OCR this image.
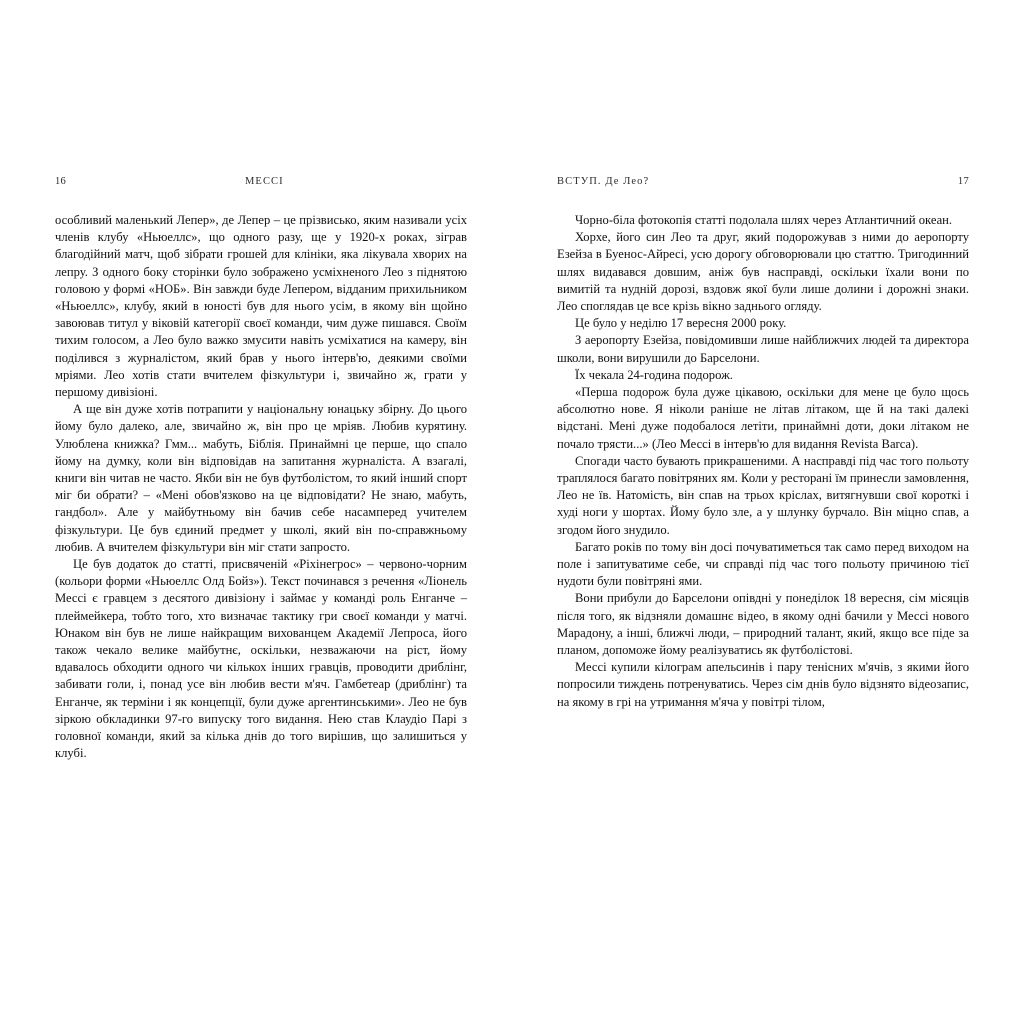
16	МЕССІ

особливий маленький Лепер», де Лепер – це прізвисько, яким називали усіх членів клубу «Ньюеллс», що одного разу, ще у 1920-х роках, зіграв благодійний матч, щоб зібрати грошей для клініки, яка лікувала хворих на лепру. З одного боку сторінки було зображено усміхненого Лео з піднятою головою у формі «НОБ». Він завжди буде Лепером, відданим прихильником «Ньюеллс», клубу, який в юності був для нього усім, в якому він щойно завоював титул у віковій категорії своєї команди, чим дуже пишався. Своїм тихим голосом, а Лео було важко змусити навіть усміхатися на камеру, він поділився з журналістом, який брав у нього інтерв'ю, деякими своїми мріями. Лео хотів стати вчителем фізкультури і, звичайно ж, грати у першому дивізіоні.

А ще він дуже хотів потрапити у національну юнацьку збірну. До цього йому було далеко, але, звичайно ж, він про це мріяв. Любив курятину. Улюблена книжка? Гмм... мабуть, Біблія. Принаймні це перше, що спало йому на думку, коли він відповідав на запитання журналіста. А взагалі, книги він читав не часто. Якби він не був футболістом, то який інший спорт міг би обрати? – «Мені обов'язково на це відповідати? Не знаю, мабуть, гандбол». Але у майбутньому він бачив себе насамперед учителем фізкультури. Це був єдиний предмет у школі, який він по-справжньому любив. А вчителем фізкультури він міг стати запросто.

Це був додаток до статті, присвяченій «Ріхінегрос» – червоно-чорним (кольори форми «Ньюеллс Олд Бойз»). Текст починався з речення «Ліонель Мессі є гравцем з десятого дивізіону і займає у команді роль Енганче – плеймейкера, тобто того, хто визначає тактику гри своєї команди у матчі. Юнаком він був не лише найкращим вихованцем Академії Лепроса, його також чекало велике майбутнє, оскільки, незважаючи на ріст, йому вдавалось обходити одного чи кількох інших гравців, проводити дриблінг, забивати голи, і, понад усе він любив вести м'яч. Гамбетеар (дриблінг) та Енганче, як терміни і як концепції, були дуже аргентинськими». Лео не був зіркою обкладинки 97-го випуску того видання. Нею став Клаудіо Парі з головної команди, який за кілька днів до того вирішив, що залишиться у клубі.

ВСТУП. Де Лео?	17

Чорно-біла фотокопія статті подолала шлях через Атлантичний океан.

Хорхе, його син Лео та друг, який подорожував з ними до аеропорту Езейза в Буенос-Айресі, усю дорогу обговорювали цю статтю. Тригодинний шлях видавався довшим, аніж був насправді, оскільки їхали вони по вимитій та нудній дорозі, вздовж якої були лише долини і дорожні знаки. Лео споглядав це все крізь вікно заднього огляду.

Це було у неділю 17 вересня 2000 року.

З аеропорту Езейза, повідомивши лише найближчих людей та директора школи, вони вирушили до Барселони.

Їх чекала 24-година подорож.

«Перша подорож була дуже цікавою, оскільки для мене це було щось абсолютно нове. Я ніколи раніше не літав літаком, ще й на такі далекі відстані. Мені дуже подобалося летіти, принаймні доти, доки літаком не почало трясти...» (Лео Мессі в інтерв'ю для видання Revista Barca).

Спогади часто бувають прикрашеними. А насправді під час того польоту траплялося багато повітряних ям. Коли у ресторані їм принесли замовлення, Лео не їв. Натомість, він спав на трьох кріслах, витягнувши свої короткі і худі ноги у шортах. Йому було зле, а у шлунку бурчало. Він міцно спав, а згодом його знудило.

Багато років по тому він досі почуватиметься так само перед виходом на поле і запитуватиме себе, чи справді під час того польоту причиною тієї нудоти були повітряні ями.

Вони прибули до Барселони опівдні у понеділок 18 вересня, сім місяців після того, як відзняли домашнє відео, в якому одні бачили у Мессі нового Марадону, а інші, ближчі люди, – природний талант, який, якщо все піде за планом, допоможе йому реалізуватись як футболістові.

Мессі купили кілограм апельсинів і пару тенісних м'ячів, з якими його попросили тиждень потренуватись. Через сім днів було відзнято відеозапис, на якому в грі на утримання м'яча у повітрі тілом,
